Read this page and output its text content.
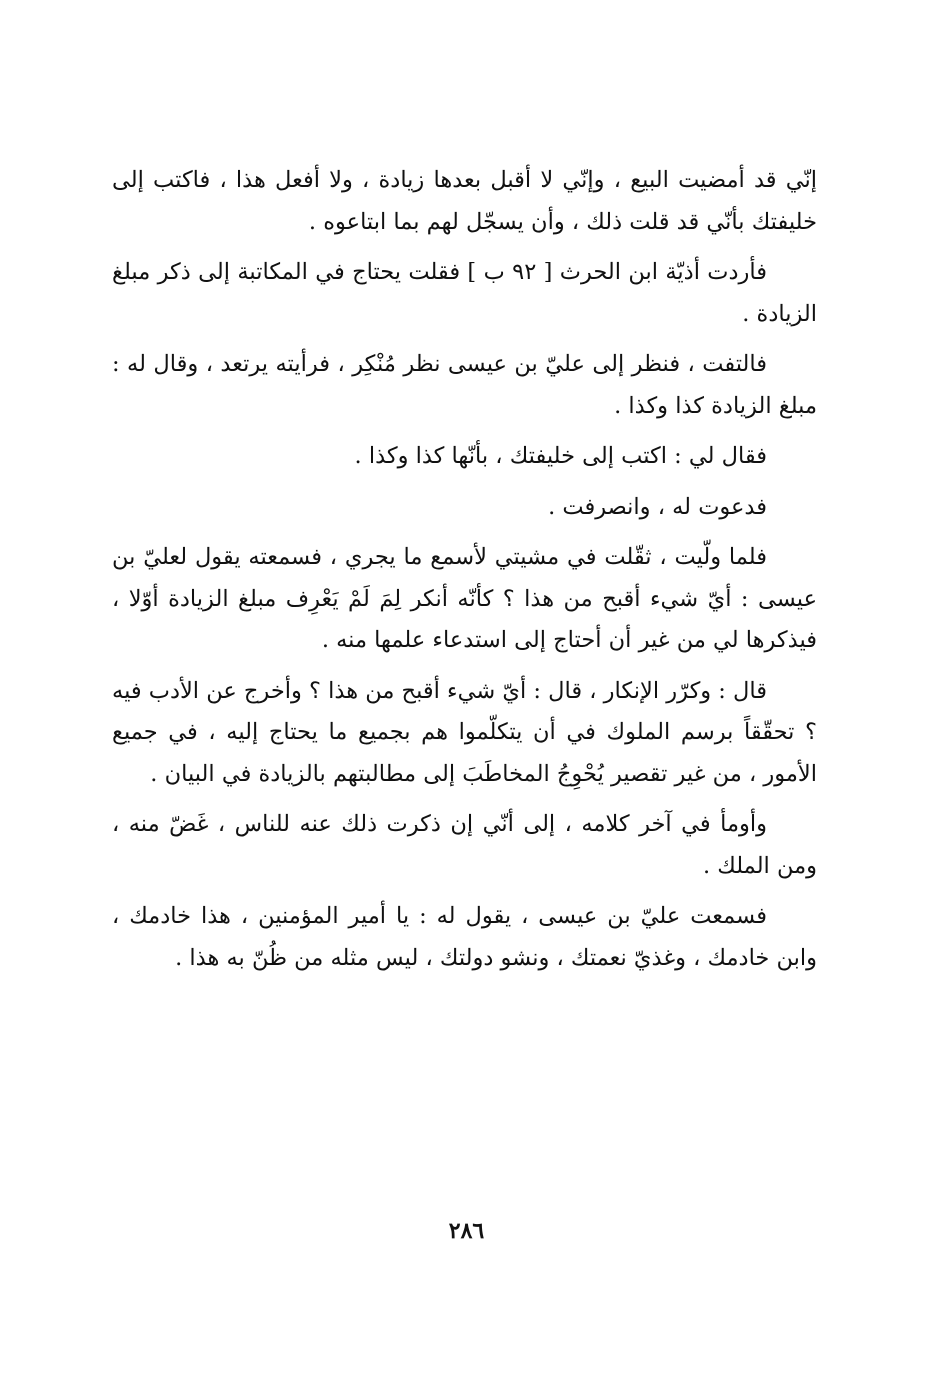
إنّي قد أمضيت البيع ، وإنّي لا أقبل بعدها زيادة ، ولا أفعل هذا ، فاكتب إلى خليفتك بأنّي قد قلت ذلك ، وأن يسجّل لهم بما ابتاعوه .

فأردت أذيّة ابن الحرث [ ٩٢ ب ] فقلت يحتاج في المكاتبة إلى ذكر مبلغ الزيادة .

فالتفت ، فنظر إلى عليّ بن عيسى نظر مُنْكِر ، فرأيته يرتعد ، وقال له : مبلغ الزيادة كذا وكذا .

فقال لي : اكتب إلى خليفتك ، بأنّها كذا وكذا .

فدعوت له ، وانصرفت .

فلما ولّيت ، ثقّلت في مشيتي لأسمع ما يجري ، فسمعته يقول لعليّ بن عيسى : أيّ شيء أقبح من هذا ؟ كأنّه أنكر لِمَ لَمْ يَعْرِف مبلغ الزيادة أوّلا ، فيذكرها لي من غير أن أحتاج إلى استدعاء علمها منه .

قال : وكرّر الإنكار ، قال : أيّ شيء أقبح من هذا ؟ وأخرج عن الأدب فيه ؟ تحقّقاً برسم الملوك في أن يتكلّموا هم بجميع ما يحتاج إليه ، في جميع الأمور ، من غير تقصير يُحْوِجُ المخاطَبَ إلى مطالبتهم بالزيادة في البيان .

وأومأ في آخر كلامه ، إلى أنّي إن ذكرت ذلك عنه للناس ، غَضّ منه ، ومن الملك .

فسمعت عليّ بن عيسى ، يقول له : يا أمير المؤمنين ، هذا خادمك ، وابن خادمك ، وغذيّ نعمتك ، ونشو دولتك ، ليس مثله من ظُنّ به هذا .

٢٨٦
